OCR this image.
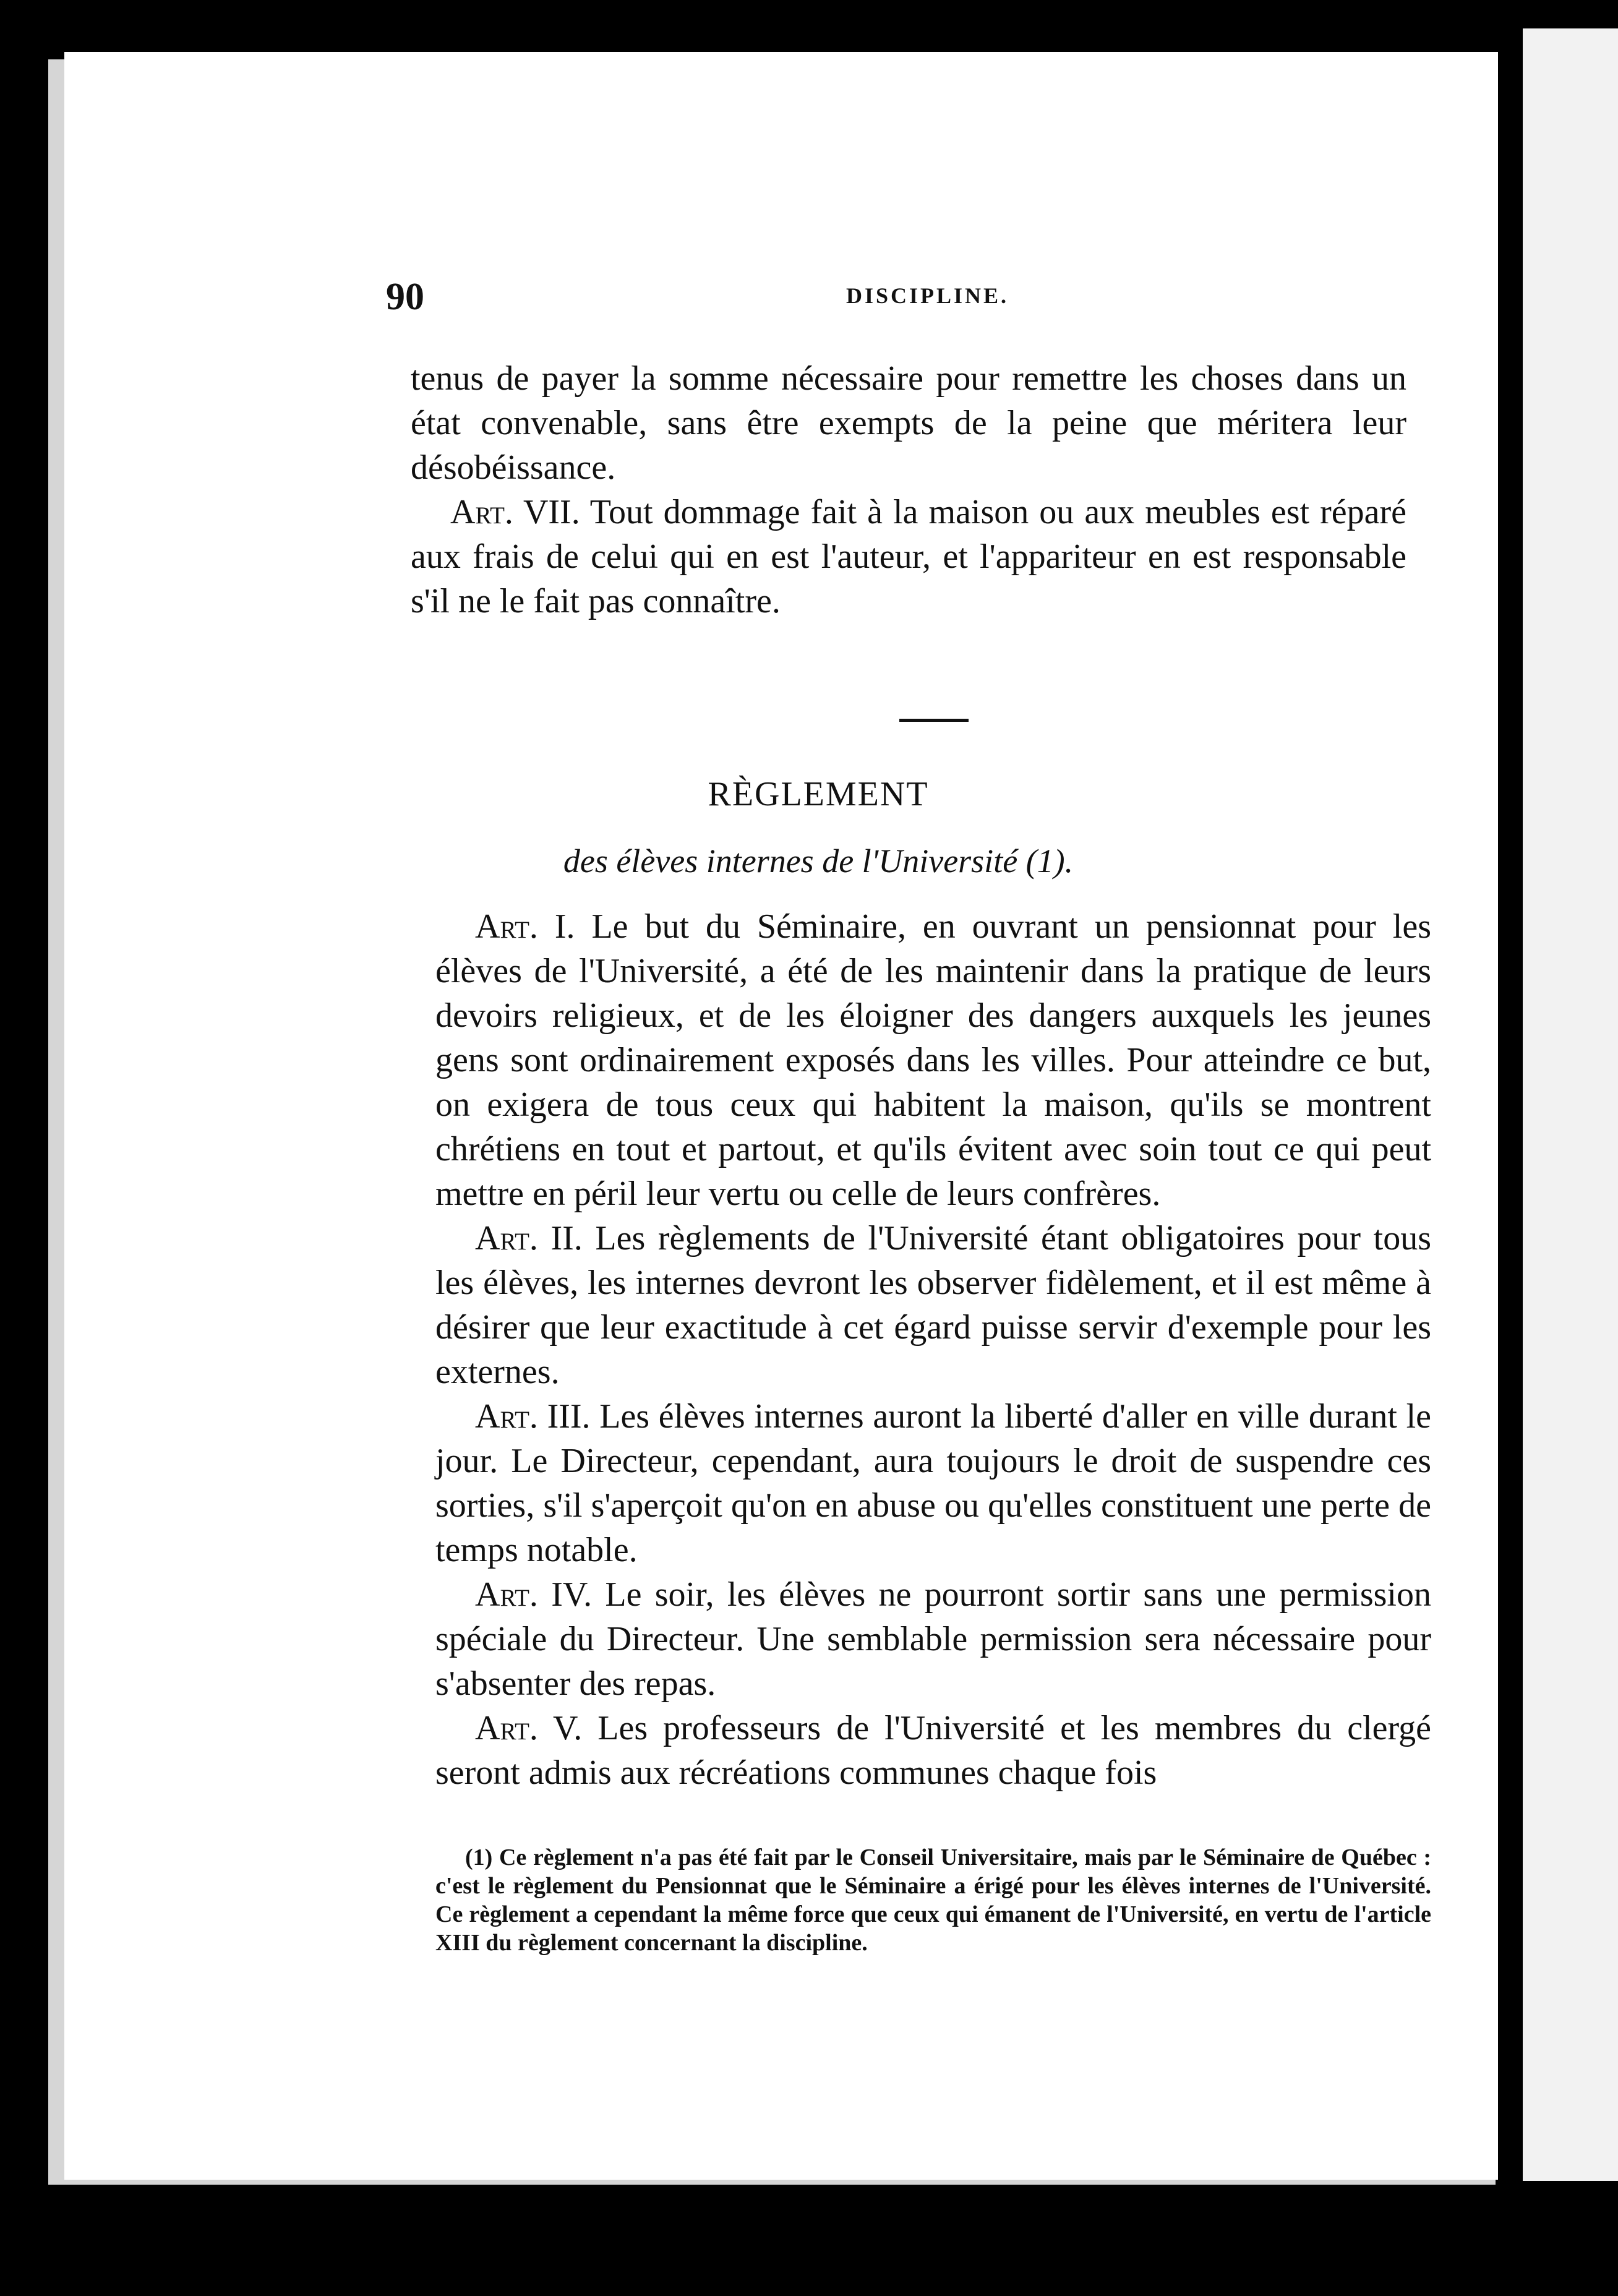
90	DISCIPLINE.

tenus de payer la somme nécessaire pour remettre les choses dans un état convenable, sans être exempts de la peine que méritera leur désobéissance.

Art. VII. Tout dommage fait à la maison ou aux meubles est réparé aux frais de celui qui en est l'auteur, et l'appariteur en est responsable s'il ne le fait pas connaître.

RÈGLEMENT
des élèves internes de l'Université (1).

Art. I. Le but du Séminaire, en ouvrant un pensionnat pour les élèves de l'Université, a été de les maintenir dans la pratique de leurs devoirs religieux, et de les éloigner des dangers auxquels les jeunes gens sont ordinairement exposés dans les villes. Pour atteindre ce but, on exigera de tous ceux qui habitent la maison, qu'ils se montrent chrétiens en tout et partout, et qu'ils évitent avec soin tout ce qui peut mettre en péril leur vertu ou celle de leurs confrères.

Art. II. Les règlements de l'Université étant obligatoires pour tous les élèves, les internes devront les observer fidèlement, et il est même à désirer que leur exactitude à cet égard puisse servir d'exemple pour les externes.

Art. III. Les élèves internes auront la liberté d'aller en ville durant le jour. Le Directeur, cependant, aura toujours le droit de suspendre ces sorties, s'il s'aperçoit qu'on en abuse ou qu'elles constituent une perte de temps notable.

Art. IV. Le soir, les élèves ne pourront sortir sans une permission spéciale du Directeur. Une semblable permission sera nécessaire pour s'absenter des repas.

Art. V. Les professeurs de l'Université et les membres du clergé seront admis aux récréations communes chaque fois

(1) Ce règlement n'a pas été fait par le Conseil Universitaire, mais par le Séminaire de Québec : c'est le règlement du Pensionnat que le Séminaire a érigé pour les élèves internes de l'Université. Ce règlement a cependant la même force que ceux qui émanent de l'Université, en vertu de l'article XIII du règlement concernant la discipline.
